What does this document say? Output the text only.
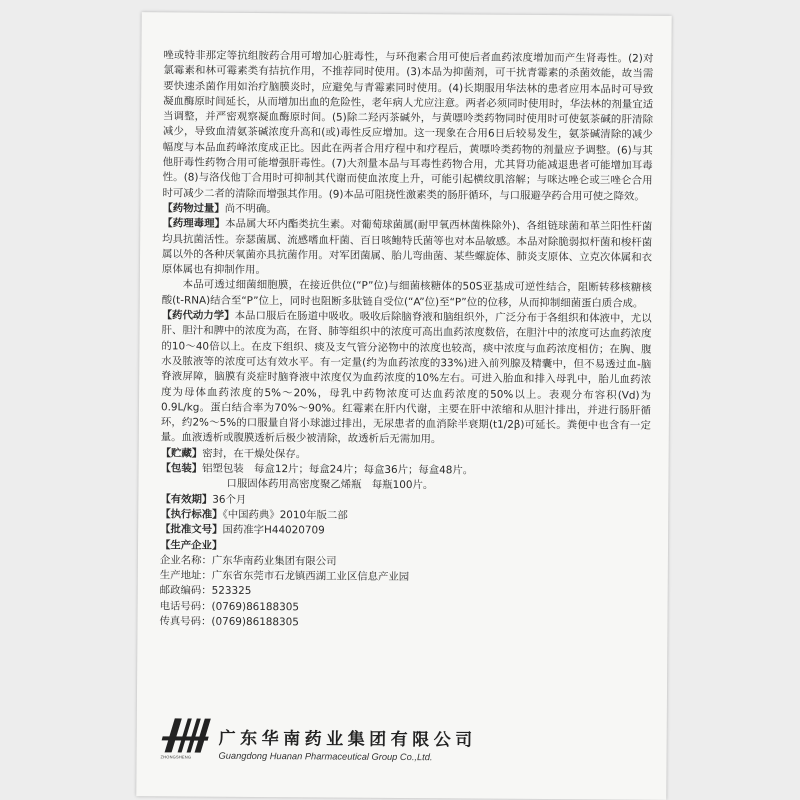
唑或特非那定等抗组胺药合用可增加心脏毒性，与环孢素合用可使后者血药浓度增加而产生肾毒性。(2)对氯霉素和林可霉素类有拮抗作用，不推荐同时使用。(3)本品为抑菌剂，可干扰青霉素的杀菌效能，故当需要快速杀菌作用如治疗脑膜炎时，应避免与青霉素同时使用。(4)长期服用华法林的患者应用本品时可导致凝血酶原时间延长，从而增加出血的危险性，老年病人尤应注意。两者必须同时使用时，华法林的剂量宜适当调整，并严密观察凝血酶原时间。(5)除二羟丙茶碱外，与黄嘌呤类药物同时使用时可使氨茶碱的肝清除减少，导致血清氨茶碱浓度升高和(或)毒性反应增加。这一现象在合用6日后较易发生，氨茶碱清除的减少幅度与本品血药峰浓度成正比。因此在两者合用疗程中和疗程后，黄嘌呤类药物的剂量应予调整。(6)与其他肝毒性药物合用可能增强肝毒性。(7)大剂量本品与耳毒性药物合用，尤其肾功能减退患者可能增加耳毒性。(8)与洛伐他丁合用时可抑制其代谢而使血浓度上升，可能引起横纹肌溶解；与咪达唑仑或三唑仑合用时可减少二者的清除而增强其作用。(9)本品可阻挠性激素类的肠肝循环，与口服避孕药合用可使之降效。

【药物过量】尚不明确。

【药理毒理】本品属大环内酯类抗生素。对葡萄球菌属(耐甲氧西林菌株除外)、各组链球菌和革兰阳性杆菌均具抗菌活性。奈瑟菌属、流感嗜血杆菌、百日咳鲍特氏菌等也对本品敏感。本品对除脆弱拟杆菌和梭杆菌属以外的各种厌氧菌亦具抗菌作用。对军团菌属、胎儿弯曲菌、某些螺旋体、肺炎支原体、立克次体属和衣原体属也有抑制作用。

本品可透过细菌细胞膜，在接近供位(“P”位)与细菌核糖体的50S亚基成可逆性结合，阻断转移核糖核酸(t-RNA)结合至“P”位上，同时也阻断多肽链自受位(“A”位)至“P”位的位移，从而抑制细菌蛋白质合成。

【药代动力学】本品口服后在肠道中吸收。吸收后除脑脊液和脑组织外，广泛分布于各组织和体液中，尤以肝、胆汁和脾中的浓度为高，在肾、肺等组织中的浓度可高出血药浓度数倍，在胆汁中的浓度可达血药浓度的10～40倍以上。在皮下组织、痰及支气管分泌物中的浓度也较高，痰中浓度与血药浓度相仿；在胸、腹水及脓液等的浓度可达有效水平。有一定量(约为血药浓度的33%)进入前列腺及精囊中，但不易透过血-脑脊液屏障，脑膜有炎症时脑脊液中浓度仅为血药浓度的10%左右。可进入胎血和排入母乳中，胎儿血药浓度为母体血药浓度的5%～20%，母乳中药物浓度可达血药浓度的50%以上。表观分布容积(Vd)为0.9L/kg。蛋白结合率为70%～90%。红霉素在肝内代谢，主要在肝中浓缩和从胆汁排出，并进行肠肝循环，约2%～5%的口服量自肾小球滤过排出，无尿患者的血消除半衰期(t1/2β)可延长。粪便中也含有一定量。血液透析或腹膜透析后极少被清除，故透析后无需加用。

【贮藏】密封，在干燥处保存。

【包装】铝塑包装　每盒12片；每盒24片；每盒36片；每盒48片。

口服固体药用高密度聚乙烯瓶　每瓶100片。

【有效期】36个月

【执行标准】《中国药典》2010年版二部

【批准文号】国药准字H44020709

【生产企业】

企业名称：广东华南药业集团有限公司

生产地址：广东省东莞市石龙镇西湖工业区信息产业园

邮政编码：523325

电话号码：(0769)86188305

传真号码：(0769)86188305

ZHONGSHENG
广东华南药业集团有限公司
Guangdong Huanan Pharmaceutical Group Co.,Ltd.
